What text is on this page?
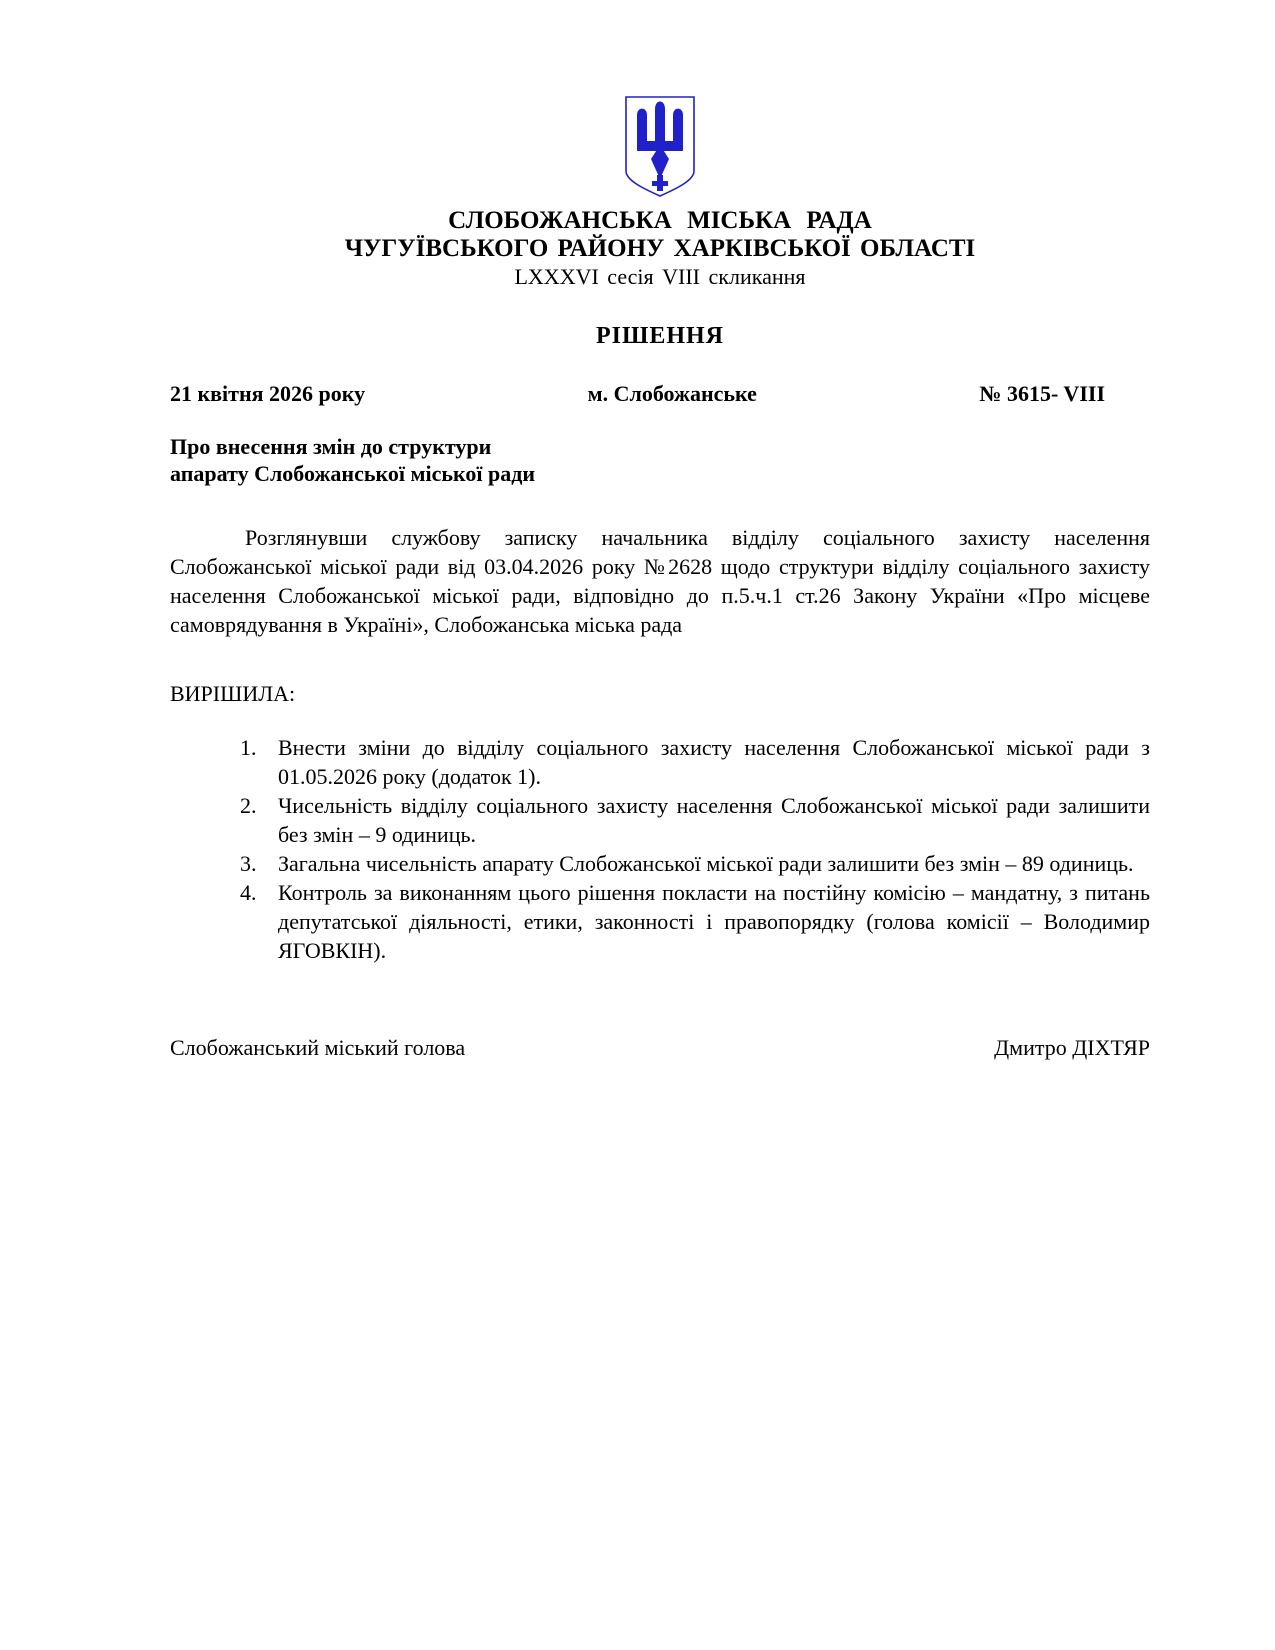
СЛОБОЖАНСЬКА МІСЬКА РАДА
ЧУГУЇВСЬКОГО РАЙОНУ ХАРКІВСЬКОЇ ОБЛАСТІ
LXXXVI сесія VIII скликання
РІШЕННЯ
21 квітня 2026 року	м. Слобожанське	№ 3615- VIII
Про внесення змін до структури
апарату Слобожанської міської ради
Розглянувши службову записку начальника відділу соціального захисту населення Слобожанської міської ради від 03.04.2026 року №2628 щодо структури відділу соціального захисту населення Слобожанської міської ради, відповідно до п.5.ч.1 ст.26 Закону України «Про місцеве самоврядування в Україні», Слобожанська міська рада
ВИРІШИЛА:
1. Внести зміни до відділу соціального захисту населення Слобожанської міської ради з 01.05.2026 року (додаток 1).
2. Чисельність відділу соціального захисту населення Слобожанської міської ради залишити без змін – 9 одиниць.
3. Загальна чисельність апарату Слобожанської міської ради залишити без змін – 89 одиниць.
4. Контроль за виконанням цього рішення покласти на постійну комісію – мандатну, з питань депутатської діяльності, етики, законності і правопорядку (голова комісії – Володимир ЯГОВКІН).
Слобожанський міський голова	Дмитро ДІХТЯР
